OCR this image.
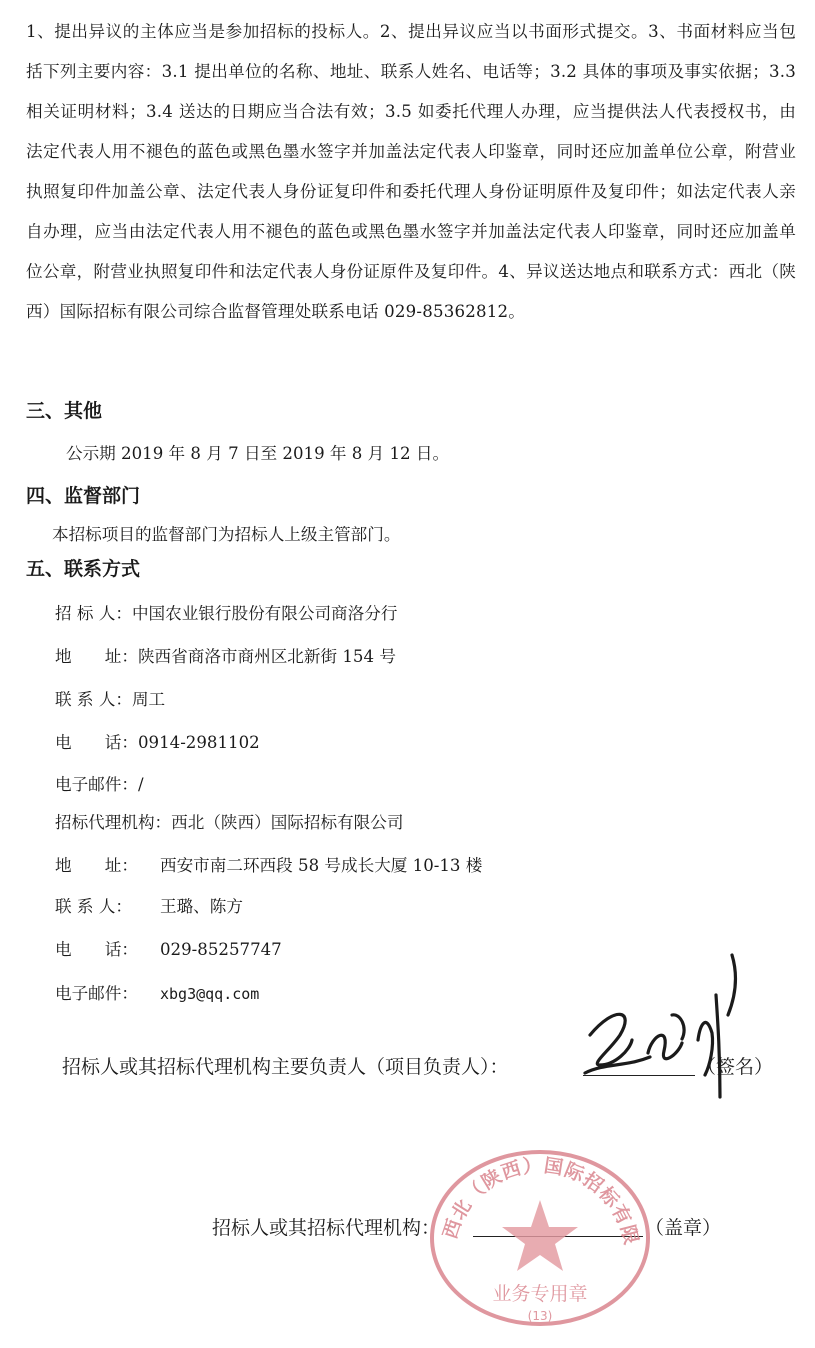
1、提出异议的主体应当是参加招标的投标人。2、提出异议应当以书面形式提交。3、书面材料应当包括下列主要内容：3.1 提出单位的名称、地址、联系人姓名、电话等；3.2 具体的事项及事实依据；3.3 相关证明材料；3.4 送达的日期应当合法有效；3.5 如委托代理人办理，应当提供法人代表授权书，由法定代表人用不褪色的蓝色或黑色墨水签字并加盖法定代表人印鉴章，同时还应加盖单位公章，附营业执照复印件加盖公章、法定代表人身份证复印件和委托代理人身份证明原件及复印件；如法定代表人亲自办理，应当由法定代表人用不褪色的蓝色或黑色墨水签字并加盖法定代表人印鉴章，同时还应加盖单位公章，附营业执照复印件和法定代表人身份证原件及复印件。4、异议送达地点和联系方式：西北（陕西）国际招标有限公司综合监督管理处联系电话 029-85362812。
三、其他
公示期 2019 年 8 月 7 日至 2019 年 8 月 12 日。
四、监督部门
本招标项目的监督部门为招标人上级主管部门。
五、联系方式
招 标 人：中国农业银行股份有限公司商洛分行
地　　址：陕西省商洛市商州区北新街 154 号
联 系 人：周工
电　　话：0914-2981102
电子邮件：/
招标代理机构：西北（陕西）国际招标有限公司
地　　址： 西安市南二环西段 58 号成长大厦 10-13 楼
联 系 人： 王璐、陈方
电　　话： 029-85257747
电子邮件： xbg3@qq.com
招标人或其招标代理机构主要负责人（项目负责人）：	（签名）
招标人或其招标代理机构：	（盖章）
西北（陕西）国际招标有限公司
业务专用章
(13)
